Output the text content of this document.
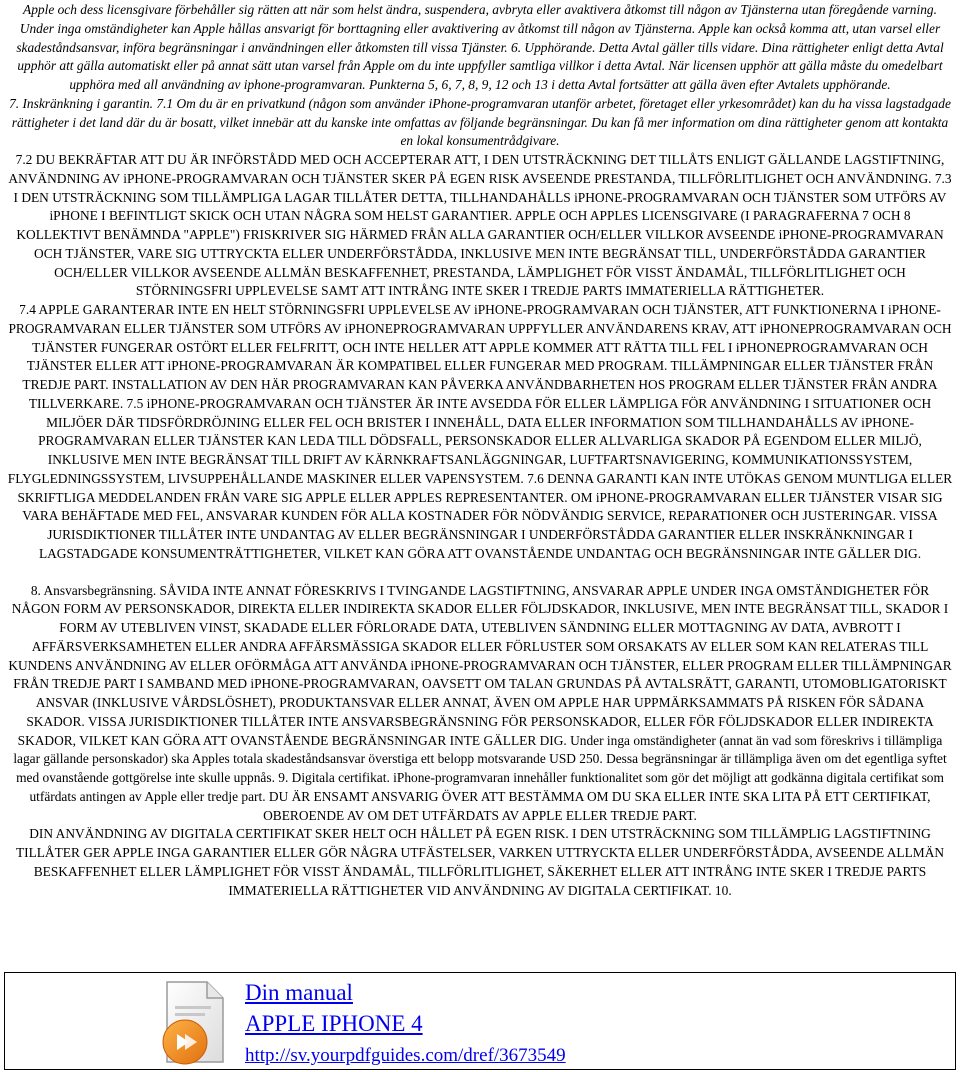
Apple och dess licensgivare förbehåller sig rätten att när som helst ändra, suspendera, avbryta eller avaktivera åtkomst till någon av Tjänsterna utan föregående varning. Under inga omständigheter kan Apple hållas ansvarigt för borttagning eller avaktivering av åtkomst till någon av Tjänsterna. Apple kan också komma att, utan varsel eller skadeståndsansvar, införa begränsningar i användningen eller åtkomsten till vissa Tjänster. 6. Upphörande. Detta Avtal gäller tills vidare. Dina rättigheter enligt detta Avtal upphör att gälla automatiskt eller på annat sätt utan varsel från Apple om du inte uppfyller samtliga villkor i detta Avtal. När licensen upphör att gälla måste du omedelbart upphöra med all användning av iphone-programvaran. Punkterna 5, 6, 7, 8, 9, 12 och 13 i detta Avtal fortsätter att gälla även efter Avtalets upphörande.

7. Inskränkning i garantin. 7.1 Om du är en privatkund (någon som använder iPhone-programvaran utanför arbetet, företaget eller yrkesområdet) kan du ha vissa lagstadgade rättigheter i det land där du är bosatt, vilket innebär att du kanske inte omfattas av följande begränsningar. Du kan få mer information om dina rättigheter genom att kontakta en lokal konsumentrådgivare.

7.2 DU BEKRÄFTAR ATT DU ÄR INFÖRSTÅDD MED OCH ACCEPTERAR ATT, I DEN UTSTRÄCKNING DET TILLÅTS ENLIGT GÄLLANDE LAGSTIFTNING, ANVÄNDNING AV iPHONE-PROGRAMVARAN OCH TJÄNSTER SKER PÅ EGEN RISK AVSEENDE PRESTANDA, TILLFÖRLITLIGHET OCH ANVÄNDNING. 7.3 I DEN UTSTRÄCKNING SOM TILLÄMPLIGA LAGAR TILLÅTER DETTA, TILLHANDAHÅLLS iPHONE-PROGRAMVARAN OCH TJÄNSTER SOM UTFÖRS AV iPHONE I BEFINTLIGT SKICK OCH UTAN NÅGRA SOM HELST GARANTIER. APPLE OCH APPLES LICENSGIVARE (I PARAGRAFERNA 7 OCH 8 KOLLEKTIVT BENÄMNDA "APPLE") FRISKRIVER SIG HÄRMED FRÅN ALLA GARANTIER OCH/ELLER VILLKOR AVSEENDE iPHONE-PROGRAMVARAN OCH TJÄNSTER, VARE SIG UTTRYCKTA ELLER UNDERFÖRSTÅDDA, INKLUSIVE MEN INTE BEGRÄNSAT TILL, UNDERFÖRSTÅDDA GARANTIER OCH/ELLER VILLKOR AVSEENDE ALLMÄN BESKAFFENHET, PRESTANDA, LÄMPLIGHET FÖR VISST ÄNDAMÅL, TILLFÖRLITLIGHET OCH STÖRNINGSFRI UPPLEVELSE SAMT ATT INTRÅNG INTE SKER I TREDJE PARTS IMMATERIELLA RÄTTIGHETER.

7.4 APPLE GARANTERAR INTE EN HELT STÖRNINGSFRI UPPLEVELSE AV iPHONE-PROGRAMVARAN OCH TJÄNSTER, ATT FUNKTIONERNA I iPHONE-PROGRAMVARAN ELLER TJÄNSTER SOM UTFÖRS AV iPHONEPROGRAMVARAN UPPFYLLER ANVÄNDARENS KRAV, ATT iPHONEPROGRAMVARAN OCH TJÄNSTER FUNGERAR OSTÖRT ELLER FELFRITT, OCH INTE HELLER ATT APPLE KOMMER ATT RÄTTA TILL FEL I iPHONEPROGRAMVARAN OCH TJÄNSTER ELLER ATT iPHONE-PROGRAMVARAN ÄR KOMPATIBEL ELLER FUNGERAR MED PROGRAM. TILLÄMPNINGAR ELLER TJÄNSTER FRÅN TREDJE PART. INSTALLATION AV DEN HÄR PROGRAMVARAN KAN PÅVERKA ANVÄNDBARHETEN HOS PROGRAM ELLER TJÄNSTER FRÅN ANDRA TILLVERKARE. 7.5 iPHONE-PROGRAMVARAN OCH TJÄNSTER ÄR INTE AVSEDDA FÖR ELLER LÄMPLIGA FÖR ANVÄNDNING I SITUATIONER OCH MILJÖER DÄR TIDSFÖRDRÖJNING ELLER FEL OCH BRISTER I INNEHÅLL, DATA ELLER INFORMATION SOM TILLHANDAHÅLLS AV iPHONE-PROGRAMVARAN ELLER TJÄNSTER KAN LEDA TILL DÖDSFALL, PERSONSKADOR ELLER ALLVARLIGA SKADOR PÅ EGENDOM ELLER MILJÖ, INKLUSIVE MEN INTE BEGRÄNSAT TILL DRIFT AV KÄRNKRAFTSANLÄGGNINGAR, LUFTFARTSNAVIGERING, KOMMUNIKATIONSSYSTEM, FLYGLEDNINGSSYSTEM, LIVSUPPEHÅLLANDE MASKINER ELLER VAPENSYSTEM. 7.6 DENNA GARANTI KAN INTE UTÖKAS GENOM MUNTLIGA ELLER SKRIFTLIGA MEDDELANDEN FRÅN VARE SIG APPLE ELLER APPLES REPRESENTANTER. OM iPHONE-PROGRAMVARAN ELLER TJÄNSTER VISAR SIG VARA BEHÄFTADE MED FEL, ANSVARAR KUNDEN FÖR ALLA KOSTNADER FÖR NÖDVÄNDIG SERVICE, REPARATIONER OCH JUSTERINGAR. VISSA JURISDIKTIONER TILLÅTER INTE UNDANTAG AV ELLER BEGRÄNSNINGAR I UNDERFÖRSTÅDDA GARANTIER ELLER INSKRÄNKNINGAR I LAGSTADGADE KONSUMENTRÄTTIGHETER, VILKET KAN GÖRA ATT OVANSTÅENDE UNDANTAG OCH BEGRÄNSNINGAR INTE GÄLLER DIG.

8. Ansvarsbegränsning. SÅVIDA INTE ANNAT FÖRESKRIVS I TVINGANDE LAGSTIFTNING, ANSVARAR APPLE UNDER INGA OMSTÄNDIGHETER FÖR NÅGON FORM AV PERSONSKADOR, DIREKTA ELLER INDIREKTA SKADOR ELLER FÖLJDSKADOR, INKLUSIVE, MEN INTE BEGRÄNSAT TILL, SKADOR I FORM AV UTEBLIVEN VINST, SKADADE ELLER FÖRLORADE DATA, UTEBLIVEN SÄNDNING ELLER MOTTAGNING AV DATA, AVBROTT I AFFÄRSVERKSAMHETEN ELLER ANDRA AFFÄRSMÄSSIGA SKADOR ELLER FÖRLUSTER SOM ORSAKATS AV ELLER SOM KAN RELATERAS TILL KUNDENS ANVÄNDNING AV ELLER OFÖRMÅGA ATT ANVÄNDA iPHONE-PROGRAMVARAN OCH TJÄNSTER, ELLER PROGRAM ELLER TILLÄMPNINGAR FRÅN TREDJE PART I SAMBAND MED iPHONE-PROGRAMVARAN, OAVSETT OM TALAN GRUNDAS PÅ AVTALSRÄTT, GARANTI, UTOMOBLIGATORISKT ANSVAR (INKLUSIVE VÅRDSLÖSHET), PRODUKTANSVAR ELLER ANNAT, ÄVEN OM APPLE HAR UPPMÄRKSAMMATS PÅ RISKEN FÖR SÅDANA SKADOR. VISSA JURISDIKTIONER TILLÅTER INTE ANSVARSBEGRÄNSNING FÖR PERSONSKADOR, ELLER FÖR FÖLJDSKADOR ELLER INDIREKTA SKADOR, VILKET KAN GÖRA ATT OVANSTÅENDE BEGRÄNSNINGAR INTE GÄLLER DIG. Under inga omständigheter (annat än vad som föreskrivs i tillämpliga lagar gällande personskador) ska Apples totala skadeståndsansvar överstiga ett belopp motsvarande USD 250. Dessa begränsningar är tillämpliga även om det egentliga syftet med ovanstående gottgörelse inte skulle uppnås. 9. Digitala certifikat. iPhone-programvaran innehåller funktionalitet som gör det möjligt att godkänna digitala certifikat som utfärdats antingen av Apple eller tredje part. DU ÄR ENSAMT ANSVARIG ÖVER ATT BESTÄMMA OM DU SKA ELLER INTE SKA LITA PÅ ETT CERTIFIKAT, OBEROENDE AV OM DET UTFÄRDATS AV APPLE ELLER TREDJE PART.

DIN ANVÄNDNING AV DIGITALA CERTIFIKAT SKER HELT OCH HÅLLET PÅ EGEN RISK. I DEN UTSTRÄCKNING SOM TILLÄMPLIG LAGSTIFTNING TILLÅTER GER APPLE INGA GARANTIER ELLER GÖR NÅGRA UTFÄSTELSER, VARKEN UTTRYCKTA ELLER UNDERFÖRSTÅDDA, AVSEENDE ALLMÄN BESKAFFENHET ELLER LÄMPLIGHET FÖR VISST ÄNDAMÅL, TILLFÖRLITLIGHET, SÄKERHET ELLER ATT INTRÅNG INTE SKER I TREDJE PARTS IMMATERIELLA RÄTTIGHETER VID ANVÄNDNING AV DIGITALA CERTIFIKAT. 10.

Din manual
APPLE IPHONE 4
http://sv.yourpdfguides.com/dref/3673549
